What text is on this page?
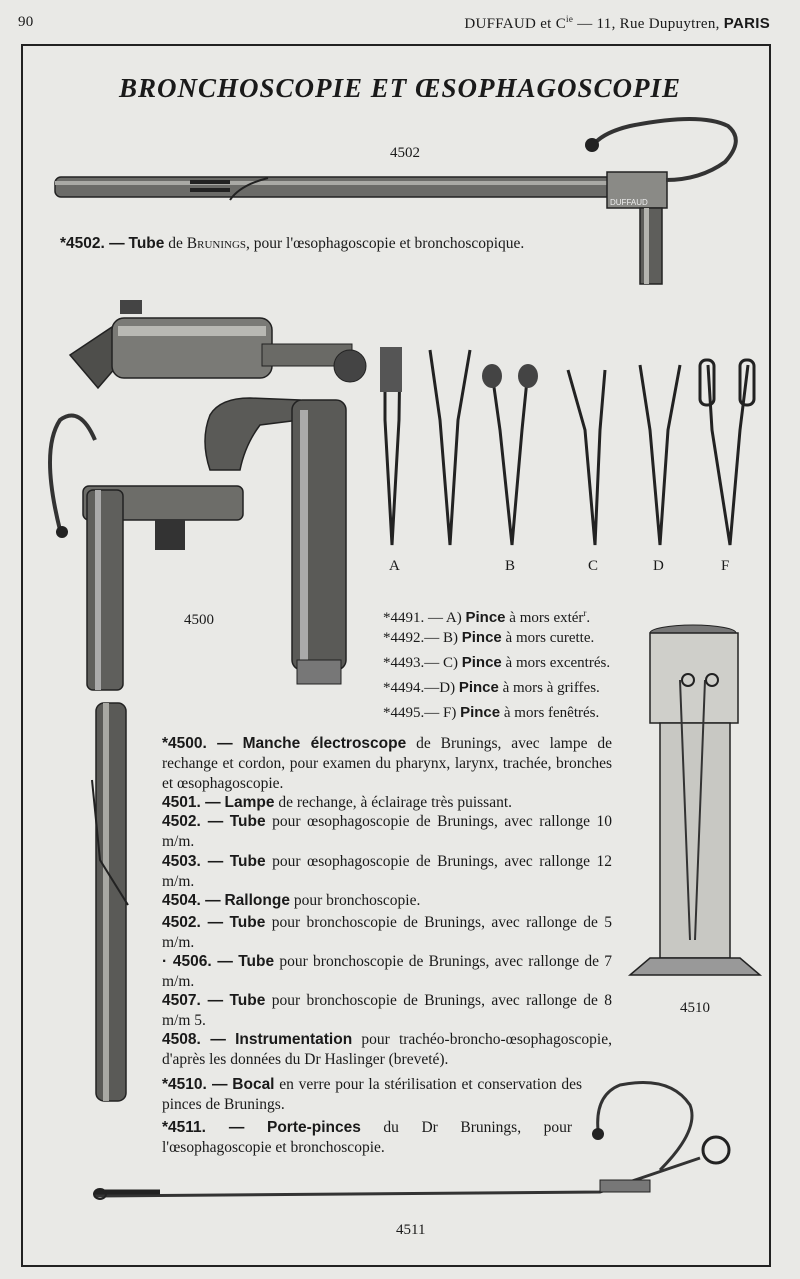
90	DUFFAUD et $C^{ie}$ — 11, Rue Dupuytren, PARIS
BRONCHOSCOPIE ET ŒSOPHAGOSCOPIE
DUFFAUD
4502
*4502. — Tube de Brunings, pour l'œsophagoscopie et bronchoscopique.
4500
A	B	C	D	F
*4491. — A) Pince à mors extér$^r$.
*4492.— B) Pince à mors curette.
*4493.— C) Pince à mors excentrés.
*4494.—D) Pince à mors à griffes.
*4495.— F) Pince à mors fenêtrés.
4510
*4500. — Manche électroscope de Brunings, avec lampe de rechange et cordon, pour examen du pharynx, larynx, trachée, bronches et œsophagoscopie.
4501. — Lampe de rechange, à éclairage très puissant.
4502. — Tube pour œsophagoscopie de Brunings, avec rallonge 10 m/m.
4503. — Tube pour œsophagoscopie de Brunings, avec rallonge 12 m/m.
4504. — Rallonge pour bronchoscopie.
4502. — Tube pour bronchoscopie de Brunings, avec rallonge de 5 m/m.
· 4506. — Tube pour bronchoscopie de Brunings, avec rallonge de 7 m/m.
4507. — Tube pour bronchoscopie de Brunings, avec rallonge de 8 m/m 5.
4508. — Instrumentation pour trachéo-broncho-œsophagoscopie, d'après les données du Dr Haslinger (breveté).
*4510. — Bocal en verre pour la stérilisation et conservation des pinces de Brunings.
*4511. — Porte-pinces du Dr Brunings, pour l'œsophagoscopie et bronchoscopie.
4511
